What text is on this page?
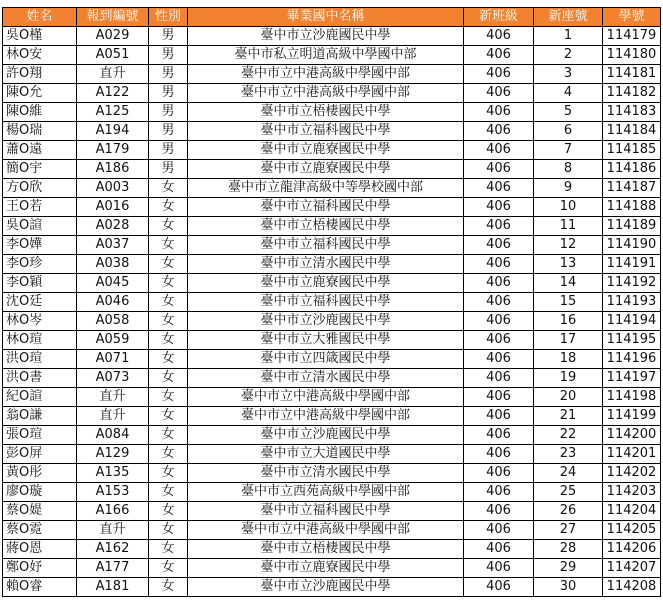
姓名	報到編號	性別	畢業國中名稱	新班級	新座號	學號
吳O槿	A029	男	臺中市立沙鹿國民中學	406	1	114179
林O安	A051	男	臺中市私立明道高級中學國中部	406	2	114180
許O翔	直升	男	臺中市立中港高級中學國中部	406	3	114181
陳O允	A122	男	臺中市立中港高級中學國中部	406	4	114182
陳O維	A125	男	臺中市立梧棲國民中學	406	5	114183
楊O瑞	A194	男	臺中市立福科國民中學	406	6	114184
蕭O遠	A179	男	臺中市立鹿寮國民中學	406	7	114185
簡O宇	A186	男	臺中市立鹿寮國民中學	406	8	114186
方O欣	A003	女	臺中市立龍津高級中等學校國中部	406	9	114187
王O若	A016	女	臺中市立福科國民中學	406	10	114188
吳O諠	A028	女	臺中市立梧棲國民中學	406	11	114189
李O嬅	A037	女	臺中市立福科國民中學	406	12	114190
李O珍	A038	女	臺中市立清水國民中學	406	13	114191
李O穎	A045	女	臺中市立鹿寮國民中學	406	14	114192
沈O廷	A046	女	臺中市立福科國民中學	406	15	114193
林O岑	A058	女	臺中市立沙鹿國民中學	406	16	114194
林O瑄	A059	女	臺中市立大雅國民中學	406	17	114195
洪O瑄	A071	女	臺中市立四箴國民中學	406	18	114196
洪O書	A073	女	臺中市立清水國民中學	406	19	114197
紀O諠	直升	女	臺中市立中港高級中學國中部	406	20	114198
翁O謙	直升	女	臺中市立中港高級中學國中部	406	21	114199
張O瑄	A084	女	臺中市立沙鹿國民中學	406	22	114200
彭O屏	A129	女	臺中市立大道國民中學	406	23	114201
黃O彤	A135	女	臺中市立清水國民中學	406	24	114202
廖O璇	A153	女	臺中市立西苑高級中學國中部	406	25	114203
蔡O媞	A166	女	臺中市立福科國民中學	406	26	114204
蔡O霓	直升	女	臺中市立中港高級中學國中部	406	27	114205
蔣O恩	A162	女	臺中市立梧棲國民中學	406	28	114206
鄭O妤	A177	女	臺中市立鹿寮國民中學	406	29	114207
賴O睿	A181	女	臺中市立沙鹿國民中學	406	30	114208
